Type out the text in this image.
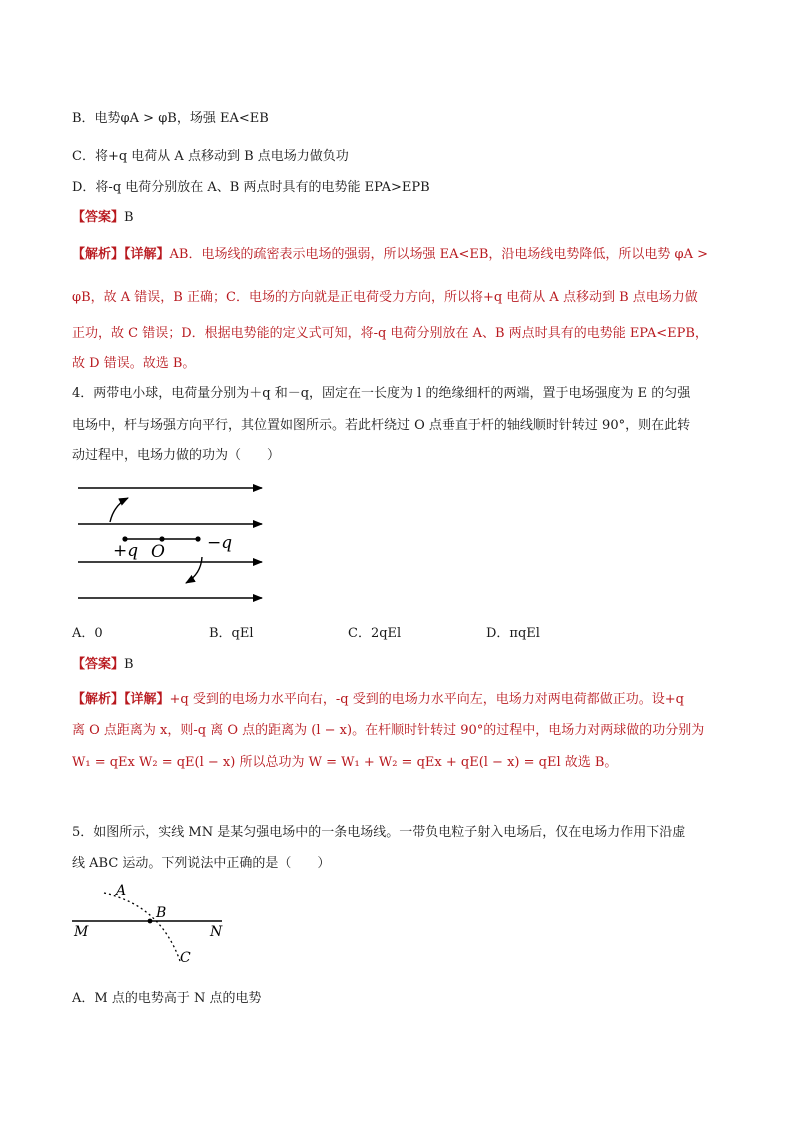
B．电势φA > φB，场强 EA<EB
C．将+q 电荷从 A 点移动到 B 点电场力做负功
D．将-q 电荷分别放在 A、B 两点时具有的电势能 EPA>EPB
【答案】B
【解析】【详解】AB．电场线的疏密表示电场的强弱，所以场强 EA<EB，沿电场线电势降低，所以电势 φA >
φB，故 A 错误，B 正确；C．电场的方向就是正电荷受力方向，所以将+q 电荷从 A 点移动到 B 点电场力做
正功，故 C 错误；D．根据电势能的定义式可知，将-q 电荷分别放在 A、B 两点时具有的电势能 EPA<EPB，
故 D 错误。故选 B。
4．两带电小球，电荷量分别为＋q 和－q，固定在一长度为 l 的绝缘细杆的两端，置于电场强度为 E 的匀强
电场中，杆与场强方向平行，其位置如图所示。若此杆绕过 O 点垂直于杆的轴线顺时针转过 90°，则在此转
动过程中，电场力做的功为（　　）
+q O −q
A
B
C
M	N
A．0	B．qEl	C．2qEl	D．πqEl
【答案】B
【解析】【详解】+q 受到的电场力水平向右，-q 受到的电场力水平向左，电场力对两电荷都做正功。设+q
离 O 点距离为 x，则-q 离 O 点的距离为 (l − x)。在杆顺时针转过 90°的过程中，电场力对两球做的功分别为
W₁ = qEx W₂ = qE(l − x) 所以总功为 W = W₁ + W₂ = qEx + qE(l − x) = qEl 故选 B。
5．如图所示，实线 MN 是某匀强电场中的一条电场线。一带负电粒子射入电场后，仅在电场力作用下沿虚
线 ABC 运动。下列说法中正确的是（　　）
A．M 点的电势高于 N 点的电势
